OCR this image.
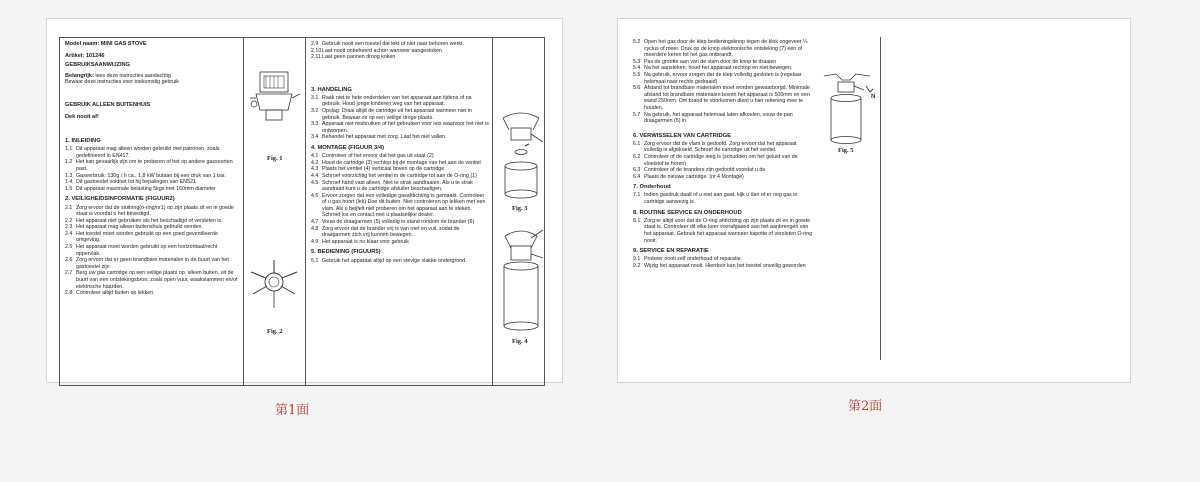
Model naam: MINI GAS STOVE

Artikel: 101246

GEBRUIKSAANWIJZING

Belangrijk: lees deze instructies aandachtig

Bewaar deze instructies voor toekomstig gebruik

GEBRUIK ALLEEN BUITENHUIS

Dek nooit af!

1. INLEIDING

1.1 Dit apparaat mag alleen worden gebruikt met patronen, zoals gedefinieerd in EN417.
1.2 Het kan gevaarlijk zijn om te proberen of het op andere gassoorten past.
1.3 Gasverbruik: 130g / h ca., 1,8 kW butaan bij een druk van 1 bar.
1.4 Dit gastoestel voldoet tot hij bepalingen van EN521.
1.5 Dit apparaat maximale belasting 5kgs met 160mm diameter

2. VEILIGHEIDSINFORMATIE (FIGUUR2)

2.1 Zorg ervoor dat de sluitring(o-ring/nr1) op zijn plaats zit en in goede staat is voordat u het bevestigd.
2.2 Het apparaat niet gebruiken als het beschadigd of versleten is.
2.3 Het apparaat mag alleen buitenshuis gebruikt worden.
2.4 Het toestel moet worden gebruikt op een goed geventileerde omgeving.
2.5 Het apparaat moet worden gebruikt op een horizontaal/recht oppervlak.
2.6 Zorg ervoor dat er geen brandbare materialen in de buurt van het gastoestel zijn
2.7 Berg uw gas cartridge op een veilige plaats op, alleen buiten, uit de buurt van een ontstekingsbron, zoals open vuur, waakvlammen en/of elektrische haarden.
2.8 Controleer altijd buiten op lekken.
Fig. 1
Fig. 2
2.9 Gebruik nooit een toestel dat lekt of niet naar behoren werkt.
2.10 Laat nooit onbeheerd achter wanneer aangestoken
2.11 Laat geen pannen droog koken

3. HANDELING

3.1 Raak niet te hete onderdelen van het apparaat aan tijdens of na gebruik. Houd jonge kinderen weg van het apparaat.
3.2 Opslag: Draai altijd de cartridge uit het apparaat wanneer niet in gebruik. Bewaar ze op een veilige droge plaats.
3.3 Apparaat niet misbruiken of het gebruiken voor iets waarvoor het niet is ontworpen.
3.4 Behandel het apparaat met zorg. Laat het niet vallen.

4. MONTAGE (FIGUUR 3/4)

4.1 Controleer of het ervoor dat het gas uit staat (2)
4.2 Houd de cartridge (3) rechtop bij de montage van het aan de ventiel
4.3 Plaats het ventiel (4) verticaal boven op de cartridge
4.4 Schroef voorzichtig het ventiel in de cartridge tot aan de O-ring (1)
4.5 Schroef hand vast alleen. Niet te strak aandraaien. Als u te strak aandraait kunt u de cartridge afsluiter beschadigen.
4.6 Ervoor zorgen dat een volledige gasafdichting is gemaakt. Controleer of u gas hoort (lek) Doe dit buiten. Niet controleren op lekken met een vlam. Als u beijfelt niet proberen om het apparaat aan te steken. Schroef los en contact met u plaatselijke dealer.
4.7 Vouw de draagarmen (5) volledig in stand rondom de brander (6)
4.8 Zorg ervoor dat de brander vrij is van roet en vuil, zodat de draagarmen zich vrij kunnen bewegen.
4.9 Het apparaat is nu klaar voor gebruik

5. BEDIENING (FIGUUR5)

5.1 Gebruik het apparaat altijd op een stevige vlakke ondergrond.
Fig. 3
Fig. 4
5.2 Open het gas door de klep bedieningsknop tegen de klok ongeveer ¼ cyclus of meer. Druk op de knop elektronische ontsteking (7) één of meerdere keren tot het gas ontbrandt.
5.3 Pas de grootte aan van de vlam door de knop te draaien
5.4 Na het aansteken, houd het apparaat rechtop en niet bewegen.
5.5 Na gebruik, ervoor zorgen dat de klep volledig gesloten is (regelaar helemaal naar rechts gedraaid)
5.6 Afstand tot brandbare materialen moet worden gewaarborgd. Minimale afstand tot brandbare materialen boven het apparaat is 500mm en een wand 250mm. Om brand te voorkomen dient u hier rekening mee te houden.
5.7 Na gebruik, het apparaat helemaal laten afkoelen, vouw de pan draagarmen (5) in.

6. VERWISSELEN VAN CARTRIDGE

6.1 Zorg ervoor dat de vlam is gedoofd. Zorg ervoor dat het apparaat volledig is afgekoeld. Schroef de cartridge uit het ventiel.
6.2 Controleer of de cartridge leeg is (schudden om het geluid van de vloeistof te horen)
6.3 Controleer of de branders zijn gedoofd voordat u de
6.4 Plaats de nieuwe cartridge. (nr.4 Montage)

7. Onderhoud

7.1 Indien gasdruk daalt of u niet aan gaat, kijk u dan of er nog gas in cartridge aanwezig is.

8. ROUTINE SERVICE EN ONDERHOUD

8.1 Zorg er altijd voor dat de O-ring afdichting op zijn plaats zit en in goede staat is. Controleer dit elke keer voorafgaand aan het aanbrengen van het apparaat. Gebruik het apparaat wanneer kapotte of versleten O-ring nooit.

9. SERVICE EN REPARATIE

9.1 Probeer nooit zelf onderhoud of reparatie.
9.2 Wijzig het apparaat nooit. Hierdoor kan het toestel onveilig geworden
N
Fig. 5
第1面	第2面
